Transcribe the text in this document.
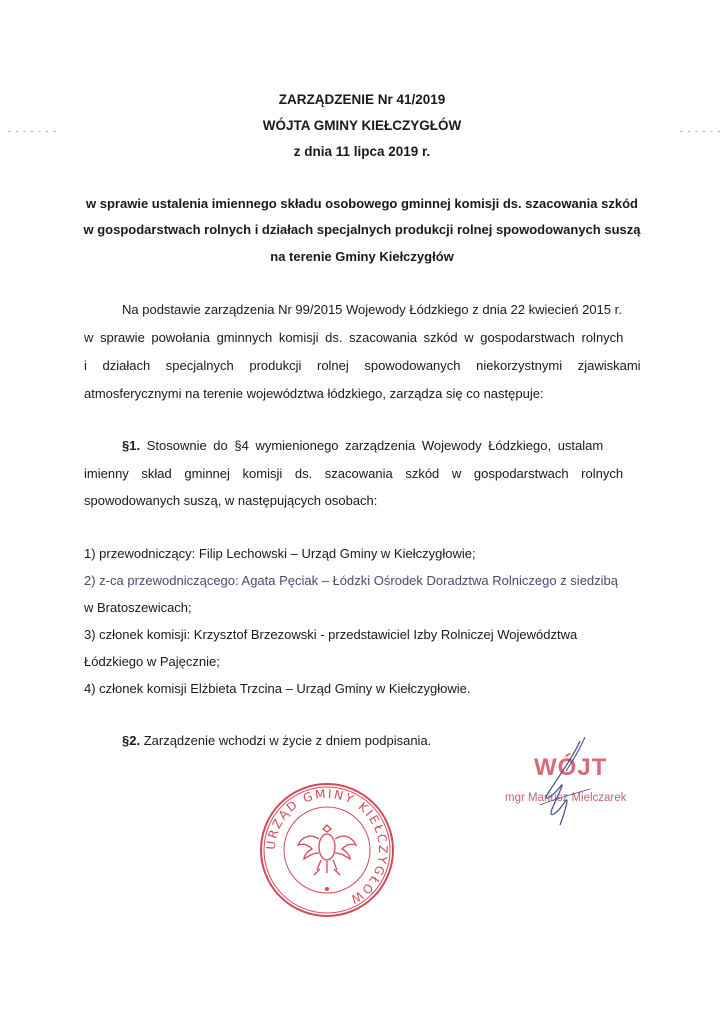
- - - - - - -	- - - - - -
ZARZĄDZENIE Nr 41/2019
WÓJTA GMINY KIEŁCZYGŁÓW
z dnia 11 lipca 2019 r.
w sprawie ustalenia imiennego składu osobowego gminnej komisji ds. szacowania szkód
w gospodarstwach rolnych i działach specjalnych produkcji rolnej spowodowanych suszą
na terenie Gminy Kiełczygłów
Na podstawie zarządzenia Nr 99/2015 Wojewody Łódzkiego z dnia 22 kwiecień 2015 r.
w sprawie powołania gminnych komisji ds. szacowania szkód w gospodarstwach rolnych
i działach specjalnych produkcji rolnej spowodowanych niekorzystnymi zjawiskami
atmosferycznymi na terenie województwa łódzkiego, zarządza się co następuje:
§1. Stosownie do §4 wymienionego zarządzenia Wojewody Łódzkiego, ustalam
imienny skład gminnej komisji ds. szacowania szkód w gospodarstwach rolnych
spowodowanych suszą, w następujących osobach:
1) przewodniczący: Filip Lechowski – Urząd Gminy w Kiełczygłowie;
2) z-ca przewodniczącego: Agata Pęciak – Łódzki Ośrodek Doradztwa Rolniczego z siedzibą
w Bratoszewicach;
3) członek komisji: Krzysztof Brzezowski - przedstawiciel Izby Rolniczej Województwa
Łódzkiego w Pajęcznie;
4) członek komisji Elżbieta Trzcina – Urząd Gminy w Kiełczygłowie.
§2. Zarządzenie wchodzi w życie z dniem podpisania.
WÓJT
mgr Mariusz Mielczarek
URZĄD GMINY KIEŁCZYGŁÓW
